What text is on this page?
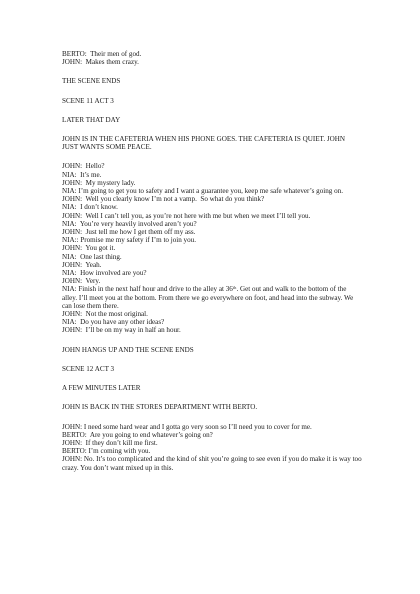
BERTO:  Their men of god.
JOHN:  Makes them crazy.
THE SCENE ENDS
SCENE 11 ACT 3
LATER THAT DAY
JOHN IS IN THE CAFETERIA WHEN HIS PHONE GOES. THE CAFETERIA IS QUIET. JOHN JUST WANTS SOME PEACE.
JOHN:  Hello?
NIA:  It’s me.
JOHN:  My mystery lady.
NIA: I’m going to get you to safety and I want a guarantee you, keep me safe whatever’s going on.
JOHN:  Well you clearly know I’m not a vamp.  So what do you think?
NIA:  I don’t know.
JOHN:  Well I can’t tell you, as you’re not here with me but when we meet I’ll tell you.
NIA:  You’re very heavily involved aren’t you?
JOHN:  Just tell me how I get them off my ass.
NIA:: Promise me my safety if I’m to join you.
JOHN:  You got it.
NIA:  One last thing.
JOHN:  Yeah.
NIA:  How involved are you?
JOHN:  Very.
NIA: Finish in the next half hour and drive to the alley at 36ᵗʰ. Get out and walk to the bottom of the alley. I’ll meet you at the bottom. From there we go everywhere on foot, and head into the subway. We can lose them there.
JOHN:  Not the most original.
NIA:  Do you have any other ideas?
JOHN:  I’ll be on my way in half an hour.
JOHN HANGS UP AND THE SCENE ENDS
SCENE 12 ACT 3
A FEW MINUTES LATER
JOHN IS BACK IN THE STORES DEPARTMENT WITH BERTO.
JOHN: I need some hard wear and I gotta go very soon so I’ll need you to cover for me.
BERTO:  Are you going to end whatever’s going on?
JOHN:  If they don’t kill me first.
BERTO: I’m coming with you.
JOHN: No. It’s too complicated and the kind of shit you’re going to see even if you do make it is way too crazy. You don’t want mixed up in this.
